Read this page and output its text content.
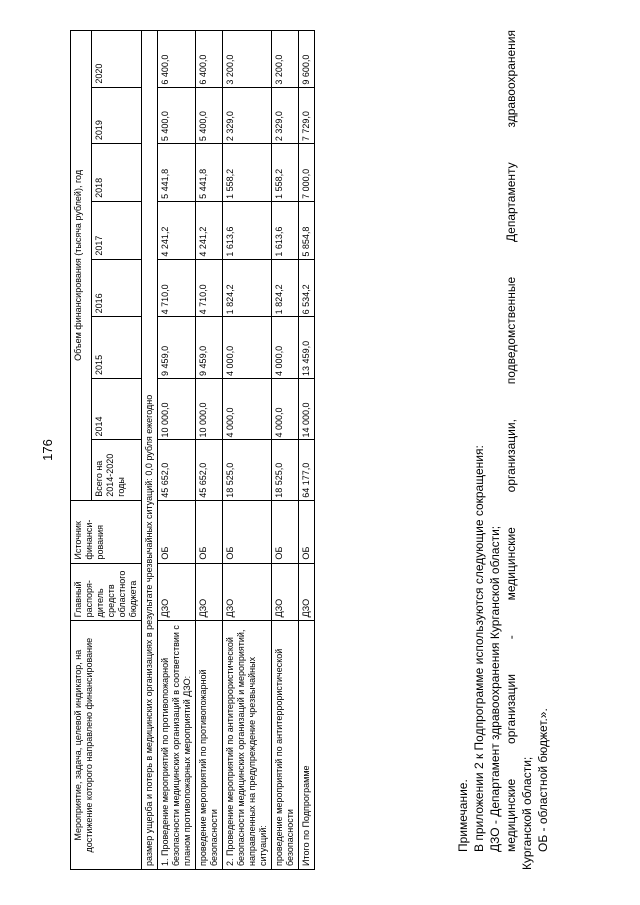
176
Мероприятие, задача, целевой индикатор, на достижение которого направлено финансирование	Главный распоря-дитель средств областного бюджета	Источник финанси-рования	Объем финансирования (тысяча рублей), год							
			Всего на 2014-2020 годы	2014	2015	2016	2017	2018	2019	2020
размер ущерба и потерь в медицинских организациях в результате чрезвычайных ситуаций: 0,0 рубля ежегодно										
1. Проведение мероприятий по противопожарной безопасности медицинских организаций в соответствии с планом противопожарных мероприятий ДЗО:	ДЗО	ОБ	45 652,0	10 000,0	9 459,0	4 710,0	4 241,2	5 441,8	5 400,0	6 400,0
проведение мероприятий по противопожарной безопасности	ДЗО	ОБ	45 652,0	10 000,0	9 459,0	4 710,0	4 241,2	5 441,8	5 400,0	6 400,0
2. Проведение мероприятий по антитеррористической безопасности медицинских организаций и мероприятий, направленных на предупреждение чрезвычайных ситуаций:	ДЗО	ОБ	18 525,0	4 000,0	4 000,0	1 824,2	1 613,6	1 558,2	2 329,0	3 200,0
проведение мероприятий по антитеррористической безопасности	ДЗО	ОБ	18 525,0	4 000,0	4 000,0	1 824,2	1 613,6	1 558,2	2 329,0	3 200,0
Итого по Подпрограмме	ДЗО	ОБ	64 177,0	14 000,0	13 459,0	6 534,2	5 854,8	7 000,0	7 729,0	9 600,0

Примечание. В приложении 2 к Подпрограмме используются следующие сокращения: ДЗО - Департамент здравоохранения Курганской области; медицинские организации - медицинские организации, подведомственные Департаменту здравоохранения Курганской области; ОБ - областной бюджет.».
